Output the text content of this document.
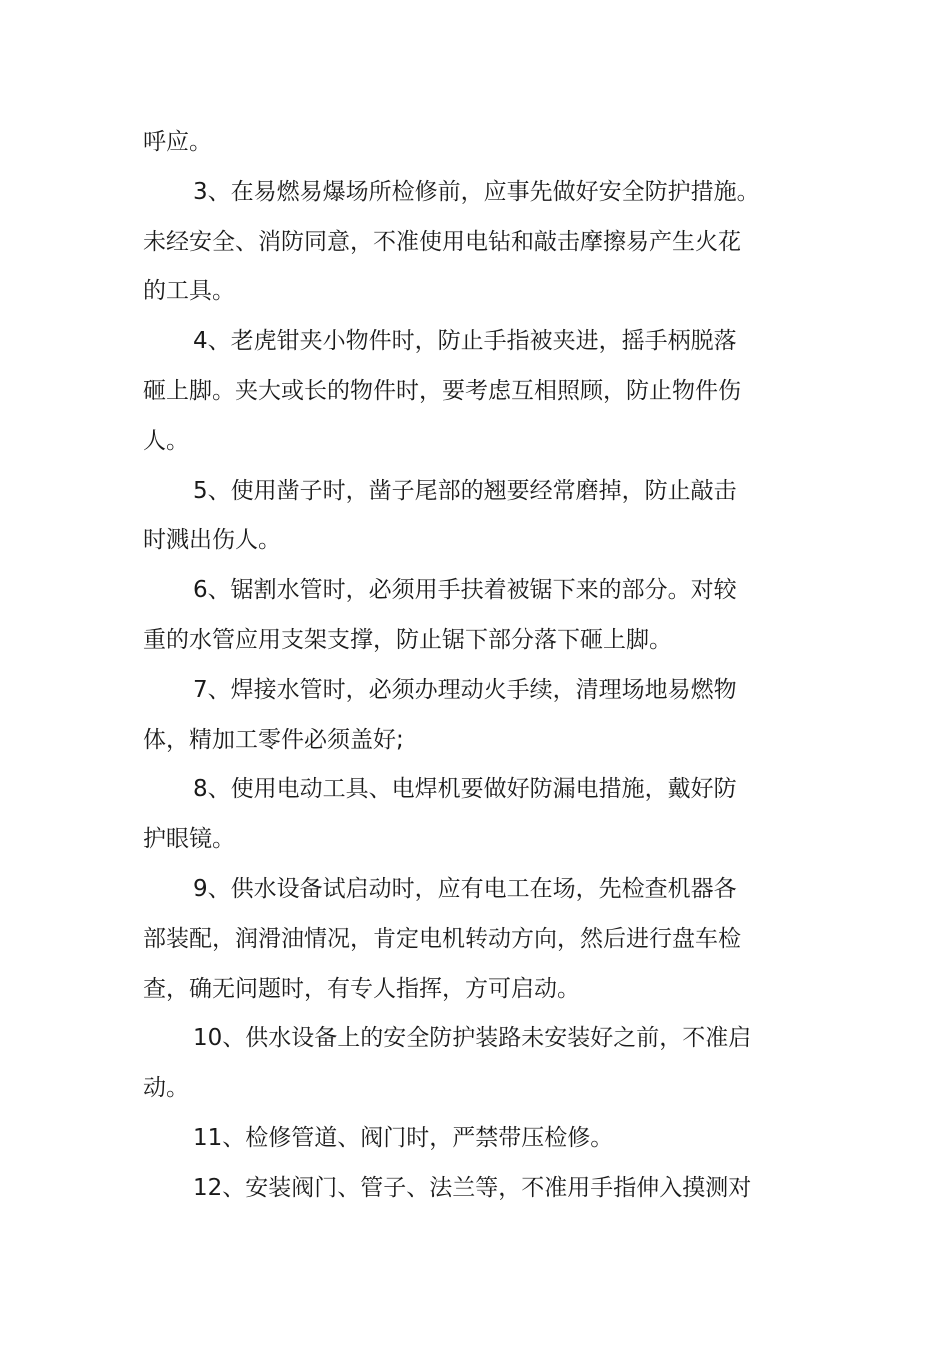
呼应。
3、在易燃易爆场所检修前，应事先做好安全防护措施。
未经安全、消防同意，不准使用电钻和敲击摩擦易产生火花
的工具。
4、老虎钳夹小物件时，防止手指被夹进，摇手柄脱落
砸上脚。夹大或长的物件时，要考虑互相照顾，防止物件伤
人。
5、使用凿子时，凿子尾部的翘要经常磨掉，防止敲击
时溅出伤人。
6、锯割水管时，必须用手扶着被锯下来的部分。对较
重的水管应用支架支撑，防止锯下部分落下砸上脚。
7、焊接水管时，必须办理动火手续，清理场地易燃物
体，精加工零件必须盖好;
8、使用电动工具、电焊机要做好防漏电措施，戴好防
护眼镜。
9、供水设备试启动时，应有电工在场，先检查机器各
部装配，润滑油情况，肯定电机转动方向，然后进行盘车检
查，确无问题时，有专人指挥，方可启动。
10、供水设备上的安全防护装路未安装好之前，不准启
动。
11、检修管道、阀门时，严禁带压检修。
12、安装阀门、管子、法兰等，不准用手指伸入摸测对
